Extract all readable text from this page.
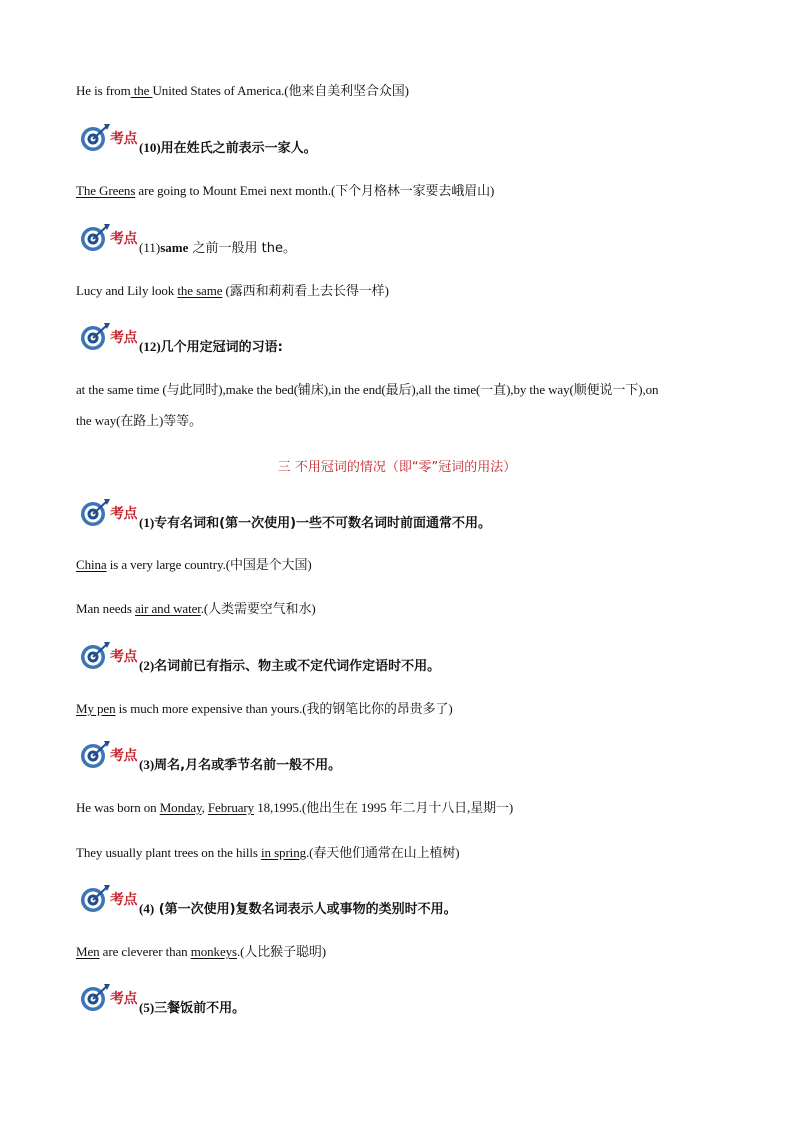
He is from the United States of America.(他来自美利坚合众国)
考点
(10)用在姓氏之前表示一家人。
The Greens are going to Mount Emei next month.(下个月格林一家要去峨眉山)
考点
(11)same 之前一般用 the。
Lucy and Lily look the same (露西和莉莉看上去长得一样)
考点
(12)几个用定冠词的习语:
at the same time (与此同时),make the bed(铺床),in the end(最后),all the time(一直),by the way(顺便说一下),on
the way(在路上)等等。
三 不用冠词的情况（即“零”冠词的用法）
考点
(1)专有名词和(第一次使用)一些不可数名词时前面通常不用。
China is a very large country.(中国是个大国)
Man needs air and water.(人类需要空气和水)
考点
(2)名词前已有指示、物主或不定代词作定语时不用。
My pen is much more expensive than yours.(我的钢笔比你的昂贵多了)
考点
(3)周名,月名或季节名前一般不用。
He was born on Monday, February 18,1995.(他出生在 1995 年二月十八日,星期一)
They usually plant trees on the hills in spring.(春天他们通常在山上植树)
考点
(4) (第一次使用)复数名词表示人或事物的类别时不用。
Men are cleverer than monkeys.(人比猴子聪明)
考点
(5)三餐饭前不用。
